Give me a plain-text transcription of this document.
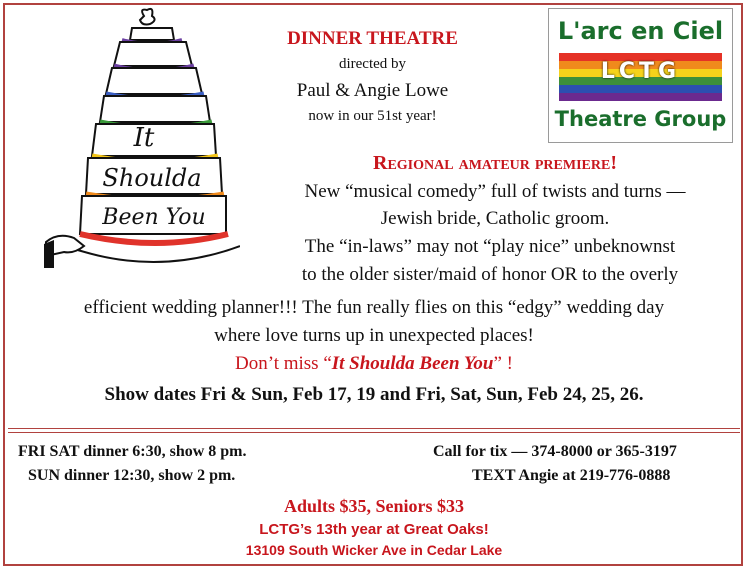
It
Shoulda
Been You
DINNER THEATRE
directed by
Paul & Angie Lowe
now in our 51st year!
L'arc en Ciel
LCTG
Theatre Group
Regional amateur premiere!
New “musical comedy” full of twists and turns —
Jewish bride, Catholic groom.
The “in-laws” may not “play nice” unbeknownst
to the older sister/maid of honor OR to the overly
efficient wedding planner!!! The fun really flies on this “edgy” wedding day
where love turns up in unexpected places!
Don’t miss “It Shoulda Been You” !
Show dates Fri & Sun, Feb 17, 19 and Fri, Sat, Sun, Feb 24, 25, 26.
FRI SAT dinner 6:30, show 8 pm.
SUN dinner 12:30, show 2 pm.
Call for tix — 374-8000 or 365-3197
TEXT Angie at 219-776-0888
Adults $35, Seniors $33
LCTG’s 13th year at Great Oaks!
13109 South Wicker Ave in Cedar Lake
